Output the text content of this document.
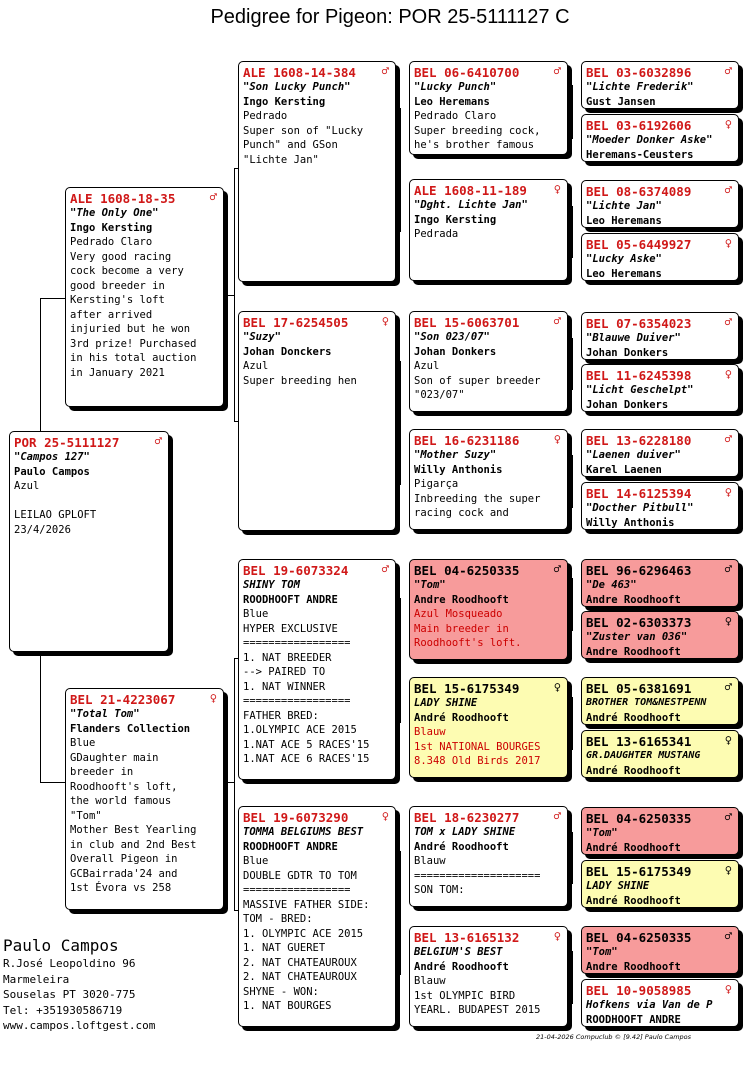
Pedigree for Pigeon: POR 25-5111127 C
POR 25-5111127	♂
"Campos 127"
Paulo Campos
Azul

LEILAO GPLOFT
23/4/2026
ALE 1608-18-35	♂
"The Only One"
Ingo Kersting
Pedrado Claro
Very good racing
cock become a very
good breeder in
Kersting's loft
after arrived
injuried but he won
3rd prize! Purchased
in his total auction
in January 2021
BEL 21-4223067	♀
"Total Tom"
Flanders Collection
Blue
GDaughter main
breeder in
Roodhooft's loft,
the world famous
"Tom"
Mother Best Yearling
in club and 2nd Best
Overall Pigeon in
GCBairrada'24 and
1st Évora vs 258
ALE 1608-14-384	♂
"Son Lucky Punch"
Ingo Kersting
Pedrado
Super son of "Lucky
Punch" and GSon
"Lichte Jan"
BEL 17-6254505	♀
"Suzy"
Johan Donckers
Azul
Super breeding hen
BEL 19-6073324	♂
SHINY TOM
ROODHOOFT ANDRE
Blue
HYPER EXCLUSIVE
=================
1. NAT BREEDER
--> PAIRED TO
1. NAT WINNER
=================
FATHER BRED:
1.OLYMPIC ACE 2015
1.NAT ACE 5 RACES'15
1.NAT ACE 6 RACES'15
BEL 19-6073290	♀
TOMMA BELGIUMS BEST
ROODHOOFT ANDRE
Blue
DOUBLE GDTR TO TOM
=================
MASSIVE FATHER SIDE:
TOM - BRED:
1. OLYMPIC ACE 2015
1. NAT GUERET
2. NAT CHATEAUROUX
2. NAT CHATEAUROUX
SHYNE - WON:
1. NAT BOURGES
BEL 06-6410700	♂
"Lucky Punch"
Leo Heremans
Pedrado Claro
Super breeding cock,
he's brother famous
ALE 1608-11-189	♀
"Dght. Lichte Jan"
Ingo Kersting
Pedrada
BEL 15-6063701	♂
"Son 023/07"
Johan Donkers
Azul
Son of super breeder
"023/07"
BEL 16-6231186	♀
"Mother Suzy"
Willy Anthonis
Pigarça
Inbreeding the super
racing cock and
BEL 04-6250335	♂
"Tom"
Andre Roodhooft
Azul Mosqueado
Main breeder in
Roodhooft's loft.
BEL 15-6175349	♀
LADY SHINE
André Roodhooft
Blauw
1st NATIONAL BOURGES
8.348 Old Birds 2017
BEL 18-6230277	♂
TOM x LADY SHINE
André Roodhooft
Blauw
====================
SON TOM:
BEL 13-6165132	♀
BELGIUM'S BEST
André Roodhooft
Blauw
1st OLYMPIC BIRD
YEARL. BUDAPEST 2015
BEL 03-6032896	♂
"Lichte Frederik"
Gust Jansen
BEL 03-6192606	♀
"Moeder Donker Aske"
Heremans-Ceusters
BEL 08-6374089	♂
"Lichte Jan"
Leo Heremans
BEL 05-6449927	♀
"Lucky Aske"
Leo Heremans
BEL 07-6354023	♂
"Blauwe Duiver"
Johan Donkers
BEL 11-6245398	♀
"Licht Geschelpt"
Johan Donkers
BEL 13-6228180	♂
"Laenen duiver"
Karel Laenen
BEL 14-6125394	♀
"Docther Pitbull"
Willy Anthonis
BEL 96-6296463	♂
"De 463"
Andre Roodhooft
BEL 02-6303373	♀
"Zuster van 036"
Andre Roodhooft
BEL 05-6381691	♂
BROTHER TOM&NESTPENN
André Roodhooft
BEL 13-6165341	♀
GR.DAUGHTER MUSTANG
André Roodhooft
BEL 04-6250335	♂
"Tom"
André Roodhooft
BEL 15-6175349	♀
LADY SHINE
André Roodhooft
BEL 04-6250335	♂
"Tom"
Andre Roodhooft
BEL 10-9058985	♀
Hofkens via Van de P
ROODHOOFT ANDRE
Paulo Campos
R.José Leopoldino 96
Marmeleira
Souselas PT 3020-775
Tel: +351930586719
www.campos.loftgest.com
21-04-2026 Compuclub © [9.42] Paulo Campos
